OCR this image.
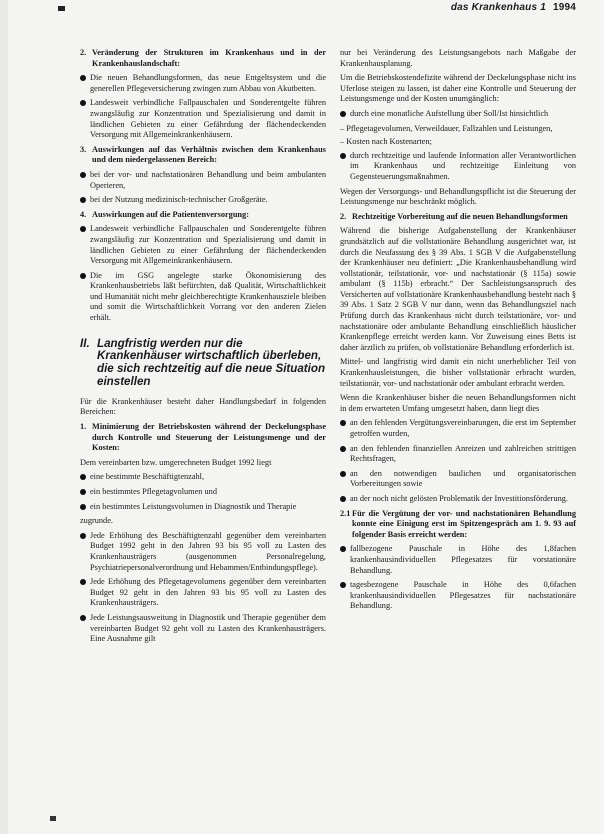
das Krankenhaus 1 1994
2. Veränderung der Strukturen im Krankenhaus und in der Krankenhauslandschaft:
Die neuen Behandlungsformen, das neue Entgeltsystem und die generellen Pflegeversicherung zwingen zum Abbau von Akutbetten.
Landesweit verbindliche Fallpauschalen und Sonderentgelte führen zwangsläufig zur Konzentration und Spezialisierung und damit in ländlichen Gebieten zu einer Gefährdung der flächendeckenden Versorgung mit Allgemeinkrankenhäusern.
3. Auswirkungen auf das Verhältnis zwischen dem Krankenhaus und dem niedergelassenen Bereich:
bei der vor- und nachstationären Behandlung und beim ambulanten Operieren,
bei der Nutzung medizinisch-technischer Großgeräte.
4. Auswirkungen auf die Patientenversorgung:
Landesweit verbindliche Fallpauschalen und Sonderentgelte führen zwangsläufig zur Konzentration und Spezialisierung und damit in ländlichen Gebieten zu einer Gefährdung der flächendeckenden Versorgung mit Allgemeinkrankenhäusern.
Die im GSG angelegte starke Ökonomisierung des Krankenhausbetriebs läßt befürchten, daß Qualität, Wirtschaftlichkeit und Humanität nicht mehr gleichberechtigte Krankenhausziele bleiben und somit die Wirtschaftlichkeit Vorrang vor den anderen Zielen erhält.
II. Langfristig werden nur die Krankenhäuser wirtschaftlich überleben, die sich rechtzeitig auf die neue Situation einstellen
Für die Krankenhäuser besteht daher Handlungsbedarf in folgenden Bereichen:
1. Minimierung der Betriebskosten während der Deckelungsphase durch Kontrolle und Steuerung der Leistungsmenge und der Kosten:
Dem vereinbarten bzw. umgerechneten Budget 1992 liegt
eine bestimmte Beschäftigtenzahl,
ein bestimmtes Pflegetagvolumen und
ein bestimmtes Leistungsvolumen in Diagnostik und Therapie
zugrunde.
Jede Erhöhung des Beschäftigtenzahl gegenüber dem vereinbarten Budget 1992 geht in den Jahren 93 bis 95 voll zu Lasten des Krankenhausträgers (ausgenommen Personalregelung, Psychiatriepersonalverordnung und Hebammen/Entbindungspflege).
Jede Erhöhung des Pflegetagevolumens gegenüber dem vereinbarten Budget 92 geht in den Jahren 93 bis 95 voll zu Lasten des Krankenhausträgers.
Jede Leistungsausweitung in Diagnostik und Therapie gegenüber dem vereinbarten Budget 92 geht voll zu Lasten des Krankenhausträgers. Eine Ausnahme gilt
nur bei Veränderung des Leistungsangebots nach Maßgabe der Krankenhausplanung.
Um die Betriebskostendefizite während der Deckelungsphase nicht ins Uferlose steigen zu lassen, ist daher eine Kontrolle und Steuerung der Leistungsmenge und der Kosten unumgänglich:
durch eine monatliche Aufstellung über Soll/Ist hinsichtlich
– Pflegetagevolumen, Verweildauer, Fallzahlen und Leistungen,
– Kosten nach Kostenarten;
durch rechtzeitige und laufende Information aller Verantwortlichen im Krankenhaus und rechtzeitige Einleitung von Gegensteuerungsmaßnahmen.
Wegen der Versorgungs- und Behandlungspflicht ist die Steuerung der Leistungsmenge nur beschränkt möglich.
2. Rechtzeitige Vorbereitung auf die neuen Behandlungsformen
Während die bisherige Aufgabenstellung der Krankenhäuser grundsätzlich auf die vollstationäre Behandlung ausgerichtet war, ist durch die Neufassung des § 39 Abs. 1 SGB V die Aufgabenstellung der Krankenhäuser neu definiert: „Die Krankenhausbehandlung wird vollstationär, teilstationär, vor- und nachstationär (§ 115a) sowie ambulant (§ 115b) erbracht.“ Der Sachleistungsanspruch des Versicherten auf vollstationäre Krankenhausbehandlung besteht nach § 39 Abs. 1 Satz 2 SGB V nur dann, wenn das Behandlungsziel nach Prüfung durch das Krankenhaus nicht durch teilstationäre, vor- und nachstationäre oder ambulante Behandlung einschließlich häuslicher Krankenpflege erreicht werden kann. Vor Zuweisung eines Betts ist daher ärztlich zu prüfen, ob vollstationäre Behandlung erforderlich ist.
Mittel- und langfristig wird damit ein nicht unerheblicher Teil von Krankenhausleistungen, die bisher vollstationär erbracht wurden, teilstationär, vor- und nachstationär oder ambulant erbracht werden.
Wenn die Krankenhäuser bisher die neuen Behandlungsformen nicht in dem erwarteten Umfang umgesetzt haben, dann liegt dies
an den fehlenden Vergütungsvereinbarungen, die erst im September getroffen wurden,
an den fehlenden finanziellen Anreizen und zahlreichen strittigen Rechtsfragen,
an den notwendigen baulichen und organisatorischen Vorbereitungen sowie
an der noch nicht gelösten Problematik der Investitionsförderung.
2.1 Für die Vergütung der vor- und nachstationären Behandlung konnte eine Einigung erst im Spitzengespräch am 1. 9. 93 auf folgender Basis erreicht werden:
fallbezogene Pauschale in Höhe des 1,8fachen krankenhausindividuellen Pflegesatzes für vorstationäre Behandlung.
tagesbezogene Pauschale in Höhe des 0,6fachen krankenhausindividuellen Pflegesatzes für nachstationäre Behandlung.
